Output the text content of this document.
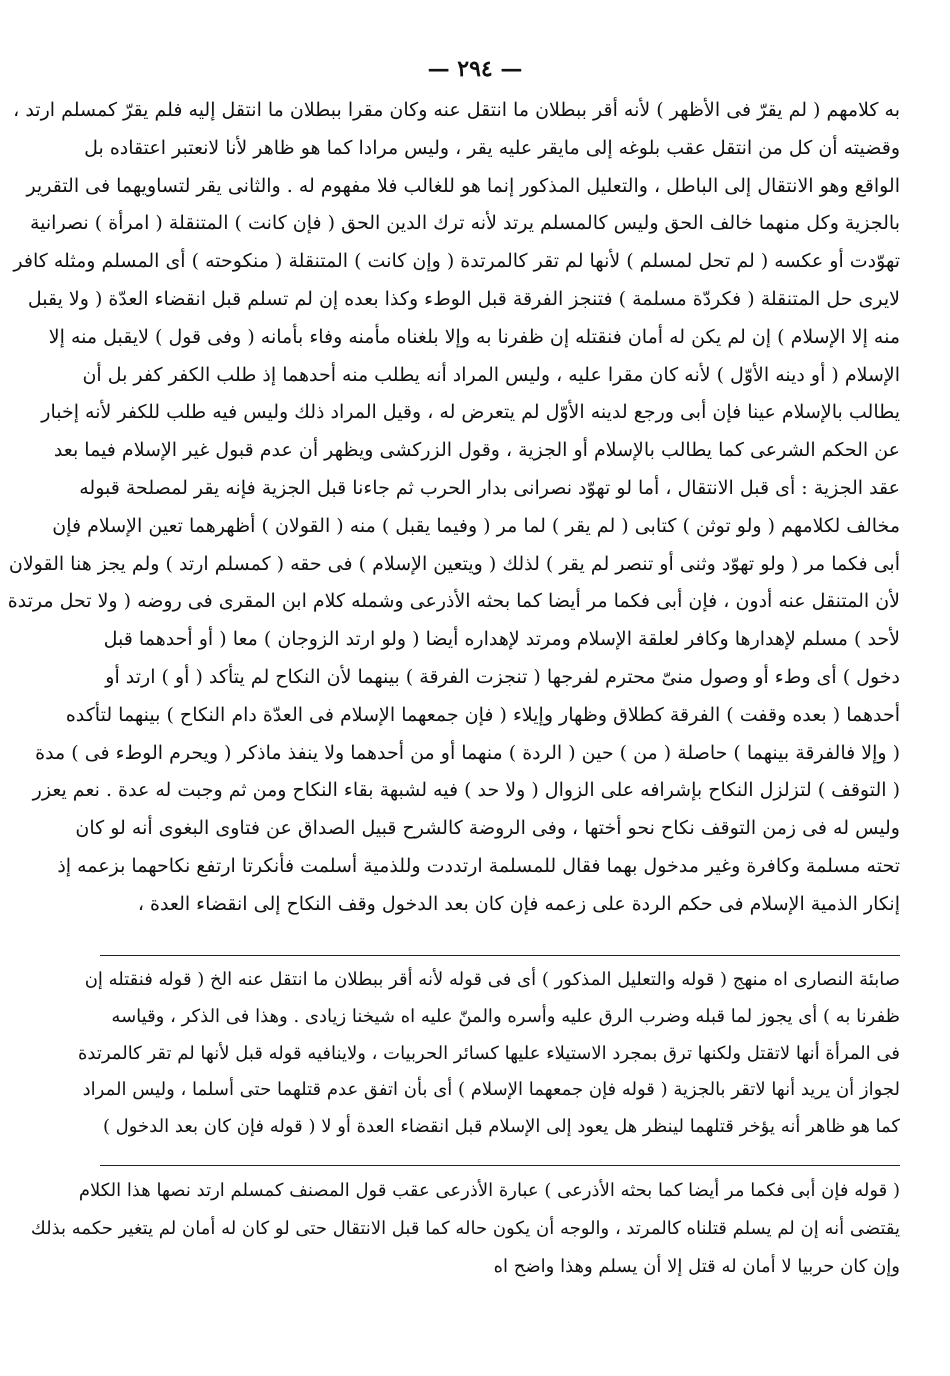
— ٢٩٤ —
به كلامهم ( لم يقرّ فى الأظهر ) لأنه أقر ببطلان ما انتقل عنه وكان مقرا ببطلان ما انتقل إليه فلم يقرّ كمسلم ارتد ،
وقضيته أن كل من انتقل عقب بلوغه إلى مايقر عليه يقر ، وليس مرادا كما هو ظاهر لأنا لانعتبر اعتقاده بل
الواقع وهو الانتقال إلى الباطل ، والتعليل المذكور إنما هو للغالب فلا مفهوم له . والثانى يقر لتساويهما فى التقرير
بالجزية وكل منهما خالف الحق وليس كالمسلم يرتد لأنه ترك الدين الحق ( فإن كانت ) المتنقلة ( امرأة ) نصرانية
تهوّدت أو عكسه ( لم تحل لمسلم ) لأنها لم تقر كالمرتدة ( وإن كانت ) المتنقلة ( منكوحته ) أى المسلم ومثله كافر
لايرى حل المتنقلة ( فكردّة مسلمة ) فتنجز الفرقة قبل الوطء وكذا بعده إن لم تسلم قبل انقضاء العدّة ( ولا يقبل
منه إلا الإسلام ) إن لم يكن له أمان فنقتله إن ظفرنا به وإلا بلغناه مأمنه وفاء بأمانه ( وفى قول ) لايقبل منه إلا
الإسلام ( أو دينه الأوّل ) لأنه كان مقرا عليه ، وليس المراد أنه يطلب منه أحدهما إذ طلب الكفر كفر بل أن
يطالب بالإسلام عينا فإن أبى ورجع لدينه الأوّل لم يتعرض له ، وقيل المراد ذلك وليس فيه طلب للكفر لأنه إخبار
عن الحكم الشرعى كما يطالب بالإسلام أو الجزية ، وقول الزركشى ويظهر أن عدم قبول غير الإسلام فيما بعد
عقد الجزية : أى قبل الانتقال ، أما لو تهوّد نصرانى بدار الحرب ثم جاءنا قبل الجزية فإنه يقر لمصلحة قبوله
مخالف لكلامهم ( ولو توثن ) كتابى ( لم يقر ) لما مر ( وفيما يقبل ) منه ( القولان ) أظهرهما تعين الإسلام فإن
أبى فكما مر ( ولو تهوّد وثنى أو تنصر لم يقر ) لذلك ( ويتعين الإسلام ) فى حقه ( كمسلم ارتد ) ولم يجز هنا القولان
لأن المتنقل عنه أدون ، فإن أبى فكما مر أيضا كما بحثه الأذرعى وشمله كلام ابن المقرى فى روضه ( ولا تحل مرتدة
لأحد ) مسلم لإهدارها وكافر لعلقة الإسلام ومرتد لإهداره أيضا ( ولو ارتد الزوجان ) معا ( أو أحدهما قبل
دخول ) أى وطء أو وصول منىّ محترم لفرجها ( تنجزت الفرقة ) بينهما لأن النكاح لم يتأكد ( أو ) ارتد أو
أحدهما ( بعده وقفت ) الفرقة كطلاق وظهار وإيلاء ( فإن جمعهما الإسلام فى العدّة دام النكاح ) بينهما لتأكده
( وإلا فالفرقة بينهما ) حاصلة ( من ) حين ( الردة ) منهما أو من أحدهما ولا ينفذ ماذكر ( ويحرم الوطء فى ) مدة
( التوقف ) لتزلزل النكاح بإشرافه على الزوال ( ولا حد ) فيه لشبهة بقاء النكاح ومن ثم وجبت له عدة . نعم يعزر
وليس له فى زمن التوقف نكاح نحو أختها ، وفى الروضة كالشرح قبيل الصداق عن فتاوى البغوى أنه لو كان
تحته مسلمة وكافرة وغير مدخول بهما فقال للمسلمة ارتددت وللذمية أسلمت فأنكرتا ارتفع نكاحهما بزعمه إذ
إنكار الذمية الإسلام فى حكم الردة على زعمه فإن كان بعد الدخول وقف النكاح إلى انقضاء العدة ،
صابئة النصارى اه منهج ( قوله والتعليل المذكور ) أى فى قوله لأنه أقر ببطلان ما انتقل عنه الخ ( قوله فنقتله إن
ظفرنا به ) أى يجوز لما قبله وضرب الرق عليه وأسره والمنّ عليه اه شيخنا زيادى . وهذا فى الذكر ، وقياسه
فى المرأة أنها لاتقتل ولكنها ترق بمجرد الاستيلاء عليها كسائر الحربيات ، ولاينافيه قوله قبل لأنها لم تقر كالمرتدة
لجواز أن يريد أنها لاتقر بالجزية ( قوله فإن جمعهما الإسلام ) أى بأن اتفق عدم قتلهما حتى أسلما ، وليس المراد
كما هو ظاهر أنه يؤخر قتلهما لينظر هل يعود إلى الإسلام قبل انقضاء العدة أو لا ( قوله فإن كان بعد الدخول )
( قوله فإن أبى فكما مر أيضا كما بحثه الأذرعى ) عبارة الأذرعى عقب قول المصنف كمسلم ارتد نصها هذا الكلام
يقتضى أنه إن لم يسلم قتلناه كالمرتد ، والوجه أن يكون حاله كما قبل الانتقال حتى لو كان له أمان لم يتغير حكمه بذلك
وإن كان حربيا لا أمان له قتل إلا أن يسلم وهذا واضح اه
